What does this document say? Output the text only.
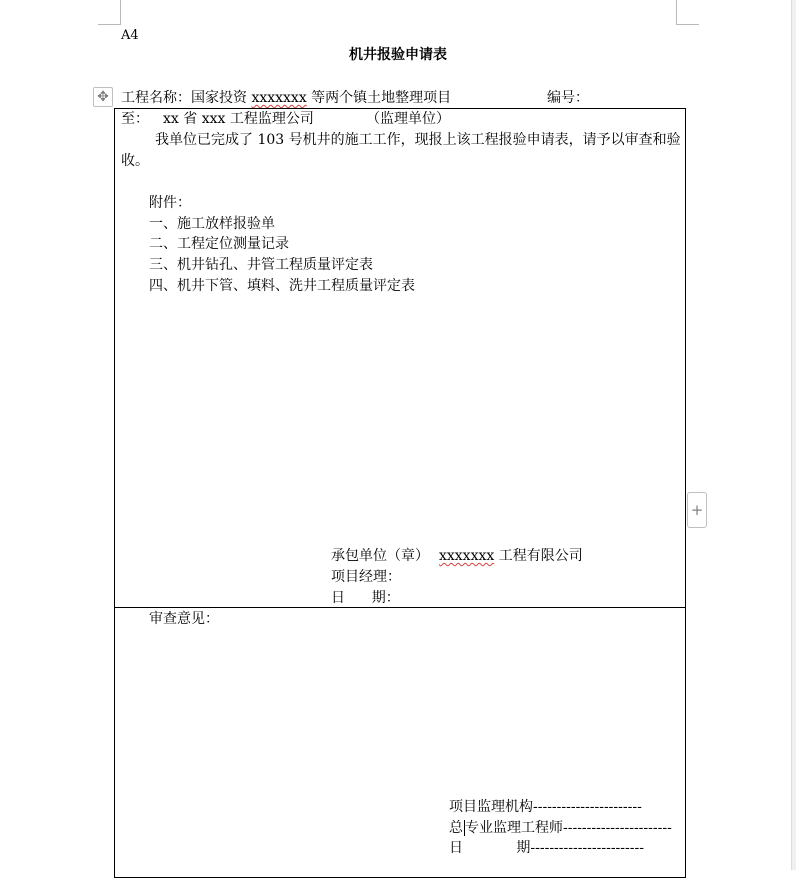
A4
机井报验申请表
✥ 工程名称：国家投资 xxxxxxx 等两个镇土地整理项目	编号：
至： xx 省 xxx 工程监理公司	（监理单位）
我单位已完成了 103 号机井的施工工作，现报上该工程报验申请表，请予以审查和验
收。
附件：
一、施工放样报验单
二、工程定位测量记录
三、机井钻孔、井管工程质量评定表
四、机井下管、填料、洗井工程质量评定表
承包单位（章） xxxxxxx 工程有限公司
项目经理：
日      期：
审查意见：
项目监理机构-----------------------
总 专业监理工程师-----------------------
日            期------------------------
+
